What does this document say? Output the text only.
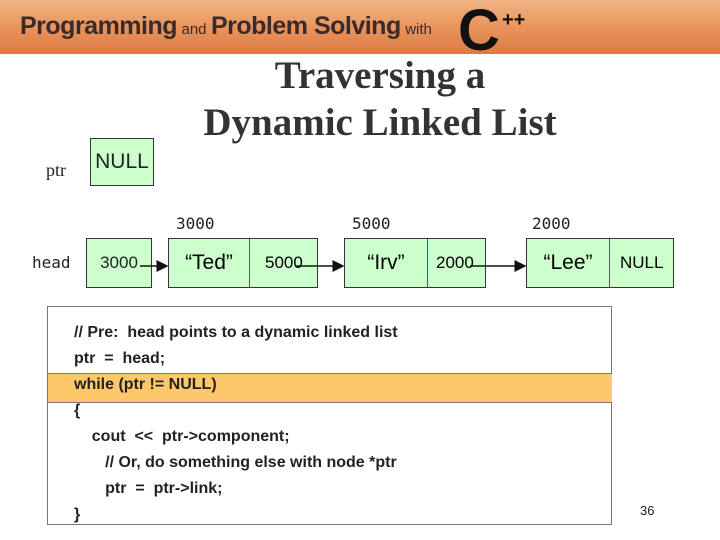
Programming and Problem Solving with C ++
Traversing a
Dynamic Linked List
ptr NULL
3000	5000	2000
head 3000	“Ted”	5000	“Irv”	2000	“Lee”	NULL
// Pre:  head points to a dynamic linked list
ptr  =  head;
while (ptr != NULL)
{
cout  <<  ptr->component;
// Or, do something else with node *ptr
ptr  =  ptr->link;
}	36
